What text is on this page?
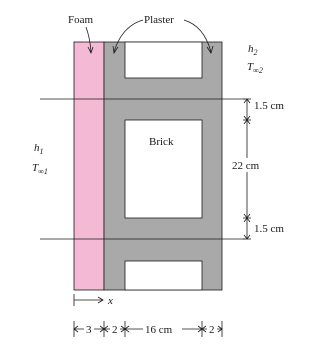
Foam	Plaster
$h_2$
$T_{\infty 2}$
$h_1$
$T_{\infty 1}$
Brick
1.5 cm
22 cm
1.5 cm
x
3 2	16 cm	2
